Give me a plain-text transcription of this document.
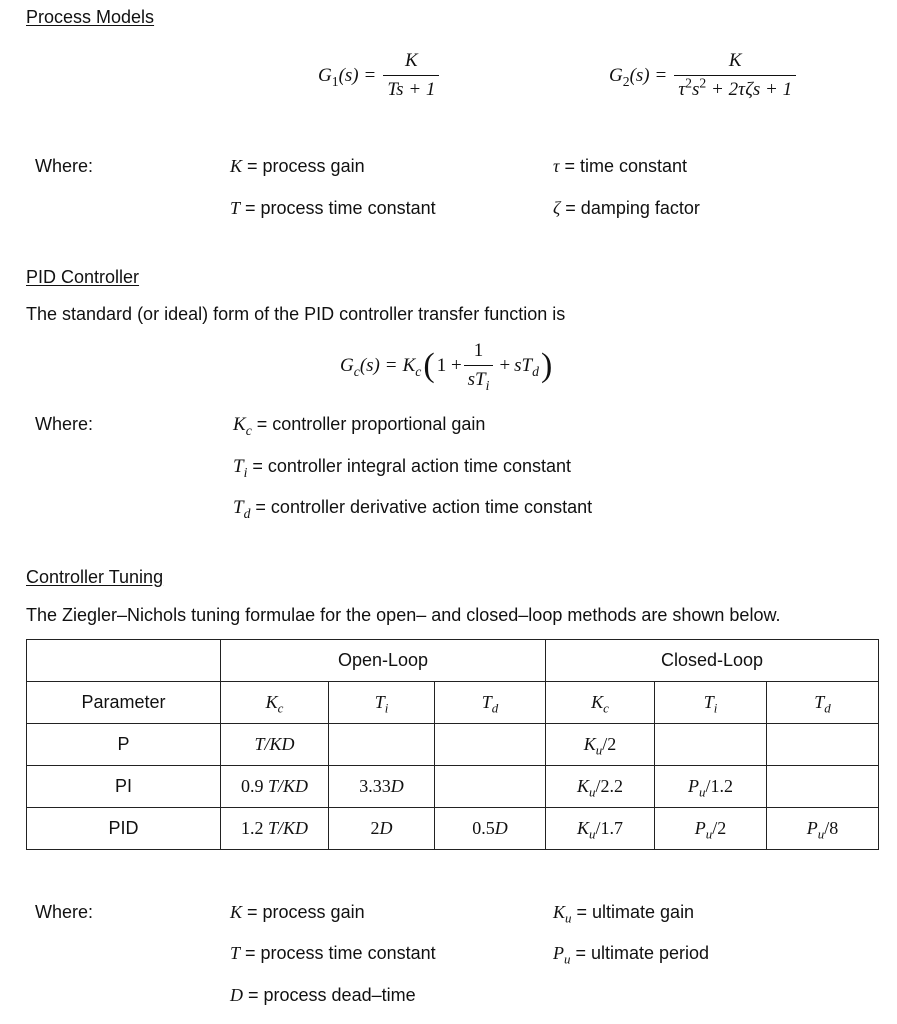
Process Models
$G_1$ $(s) = \frac{K}{Ts + 1}$	$G_2$ $(s) = \frac{K}{\tau^2s^2 + 2\tau\zeta s + 1}$
Where:	K = process gain	τ = time constant
T = process time constant	ζ = damping factor
PID Controller
The standard (or ideal) form of the PID controller transfer function is
$G_c$ $(s) = K_c$ ( $1 + \frac{1}{sT_i} + sT_d$ )
Where:	$K_c$ = controller proportional gain
$T_i$ = controller integral action time constant
$T_d$ = controller derivative action time constant
Controller Tuning
The Ziegler–Nichols tuning formulae for the open– and closed–loop methods are shown below.
	Open-Loop			Closed-Loop		
Parameter	$K_c$	$T_i$	$T_d$	$K_c$	$T_i$	$T_d$
P	T/KD			$K_u/2$		
PI	0.9 T/KD	3.33D		$K_u/2.2$	$P_u/1.2$	
PID	1.2 T/KD	2D	0.5D	$K_u/1.7$	$P_u/2$	$P_u/8$
Where:	K = process gain	$K_u$ = ultimate gain
T = process time constant	$P_u$ = ultimate period
D = process dead–time
